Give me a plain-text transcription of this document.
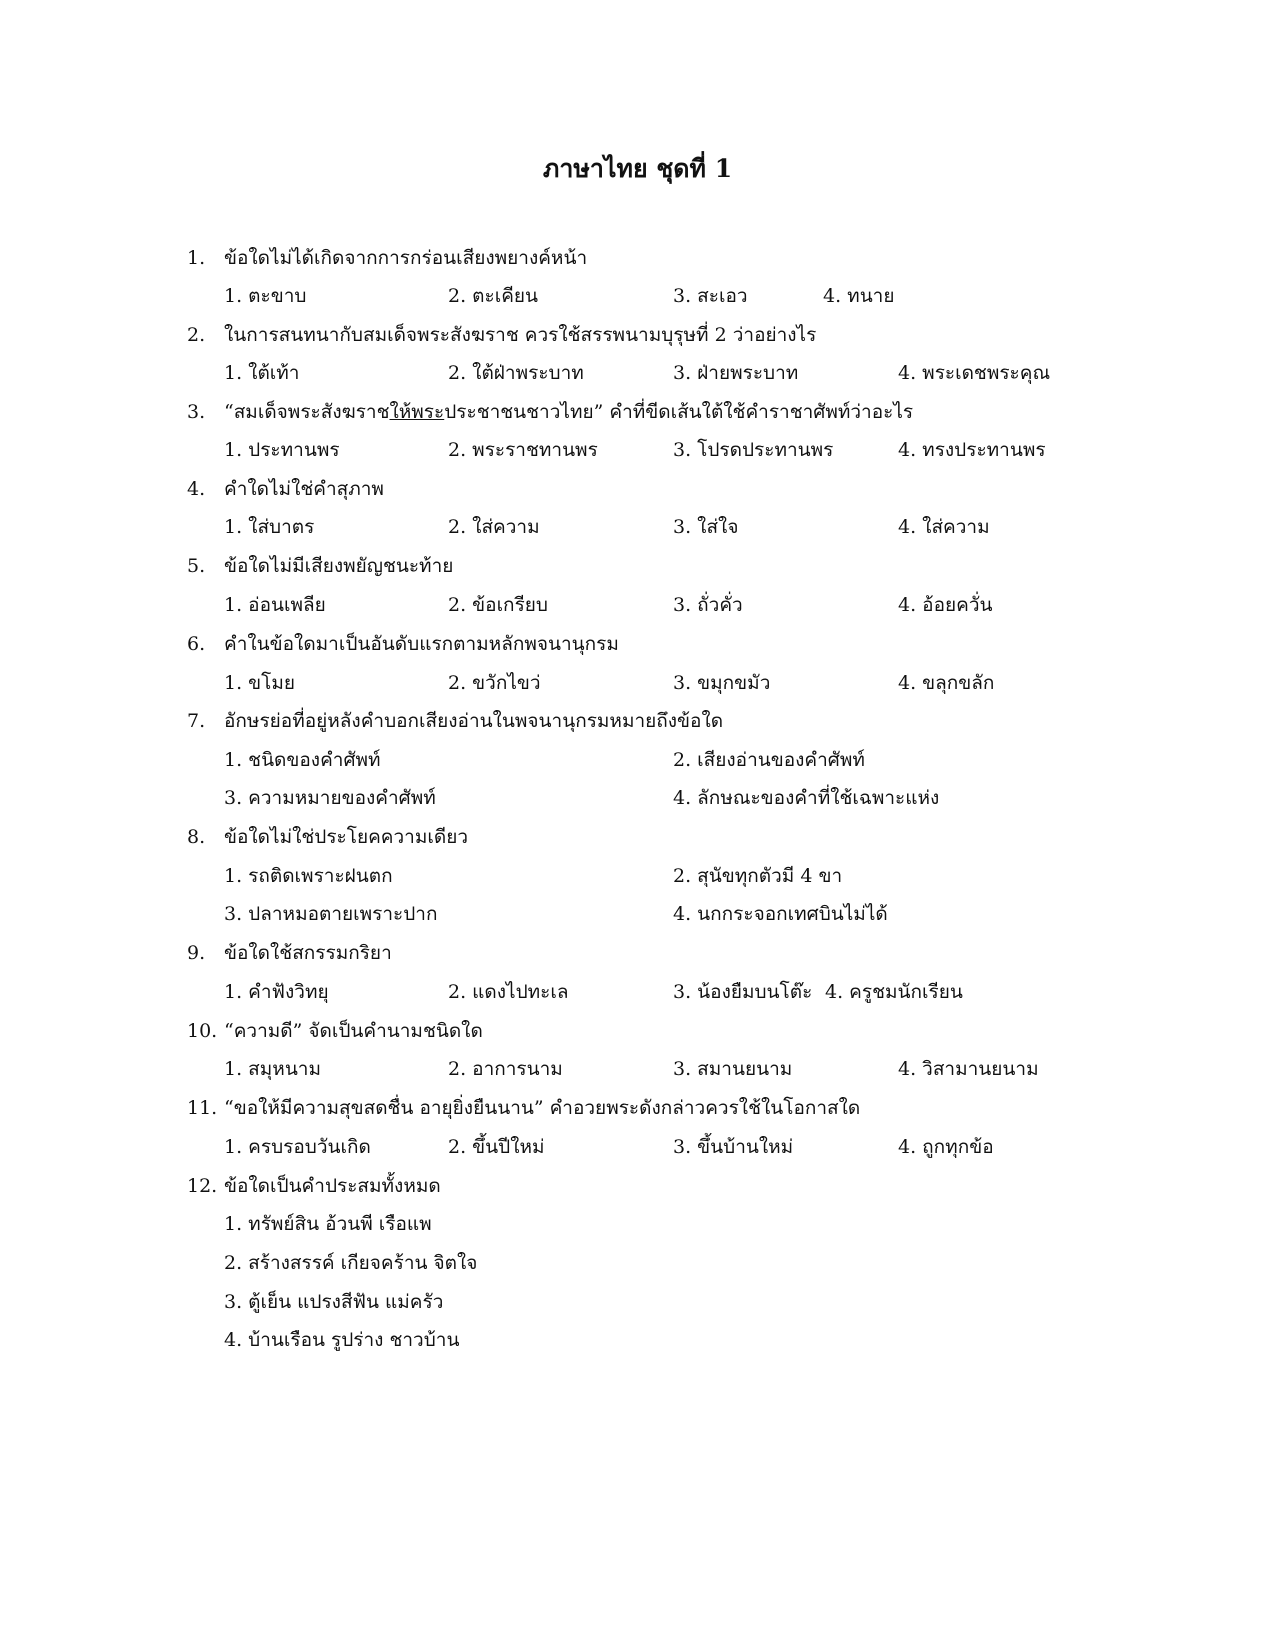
ภาษาไทย ชุดที่ 1
1. ข้อใดไม่ได้เกิดจากการกร่อนเสียงพยางค์หน้า
1. ตะขาบ	2. ตะเคียน	3. สะเอว	4. ทนาย
2. ในการสนทนากับสมเด็จพระสังฆราช ควรใช้สรรพนามบุรุษที่ 2 ว่าอย่างไร
1. ใต้เท้า	2. ใต้ฝ่าพระบาท	3. ฝ่ายพระบาท	4. พระเดชพระคุณ
3. “สมเด็จพระสังฆราชให้พระประชาชนชาวไทย” คำที่ขีดเส้นใต้ใช้คำราชาศัพท์ว่าอะไร
1. ประทานพร	2. พระราชทานพร	3. โปรดประทานพร	4. ทรงประทานพร
4. คำใดไม่ใช่คำสุภาพ
1. ใส่บาตร	2. ใส่ความ	3. ใส่ใจ	4. ใส่ความ
5. ข้อใดไม่มีเสียงพยัญชนะท้าย
1. อ่อนเพลีย	2. ข้อเกรียบ	3. ถั่วคั่ว	4. อ้อยควั่น
6. คำในข้อใดมาเป็นอันดับแรกตามหลักพจนานุกรม
1. ขโมย	2. ขวักไขว่	3. ขมุกขมัว	4. ขลุกขลัก
7. อักษรย่อที่อยู่หลังคำบอกเสียงอ่านในพจนานุกรมหมายถึงข้อใด
1. ชนิดของคำศัพท์	2. เสียงอ่านของคำศัพท์
3. ความหมายของคำศัพท์	4. ลักษณะของคำที่ใช้เฉพาะแห่ง
8. ข้อใดไม่ใช่ประโยคความเดียว
1. รถติดเพราะฝนตก	2. สุนัขทุกตัวมี 4 ขา
3. ปลาหมอตายเพราะปาก	4. นกกระจอกเทศบินไม่ได้
9. ข้อใดใช้สกรรมกริยา
1. คำฟังวิทยุ	2. แดงไปทะเล	3. น้องยืมบนโต๊ะ 4. ครูชมนักเรียน
10. “ความดี” จัดเป็นคำนามชนิดใด
1. สมุหนาม	2. อาการนาม	3. สมานยนาม	4. วิสามานยนาม
11. “ขอให้มีความสุขสดชื่น อายุยิ่งยืนนาน” คำอวยพระดังกล่าวควรใช้ในโอกาสใด
1. ครบรอบวันเกิด	2. ขึ้นปีใหม่	3. ขึ้นบ้านใหม่	4. ถูกทุกข้อ
12. ข้อใดเป็นคำประสมทั้งหมด
1. ทรัพย์สิน อ้วนพี เรือแพ
2. สร้างสรรค์ เกียจคร้าน จิตใจ
3. ตู้เย็น แปรงสีฟัน แม่ครัว
4. บ้านเรือน รูปร่าง ชาวบ้าน
